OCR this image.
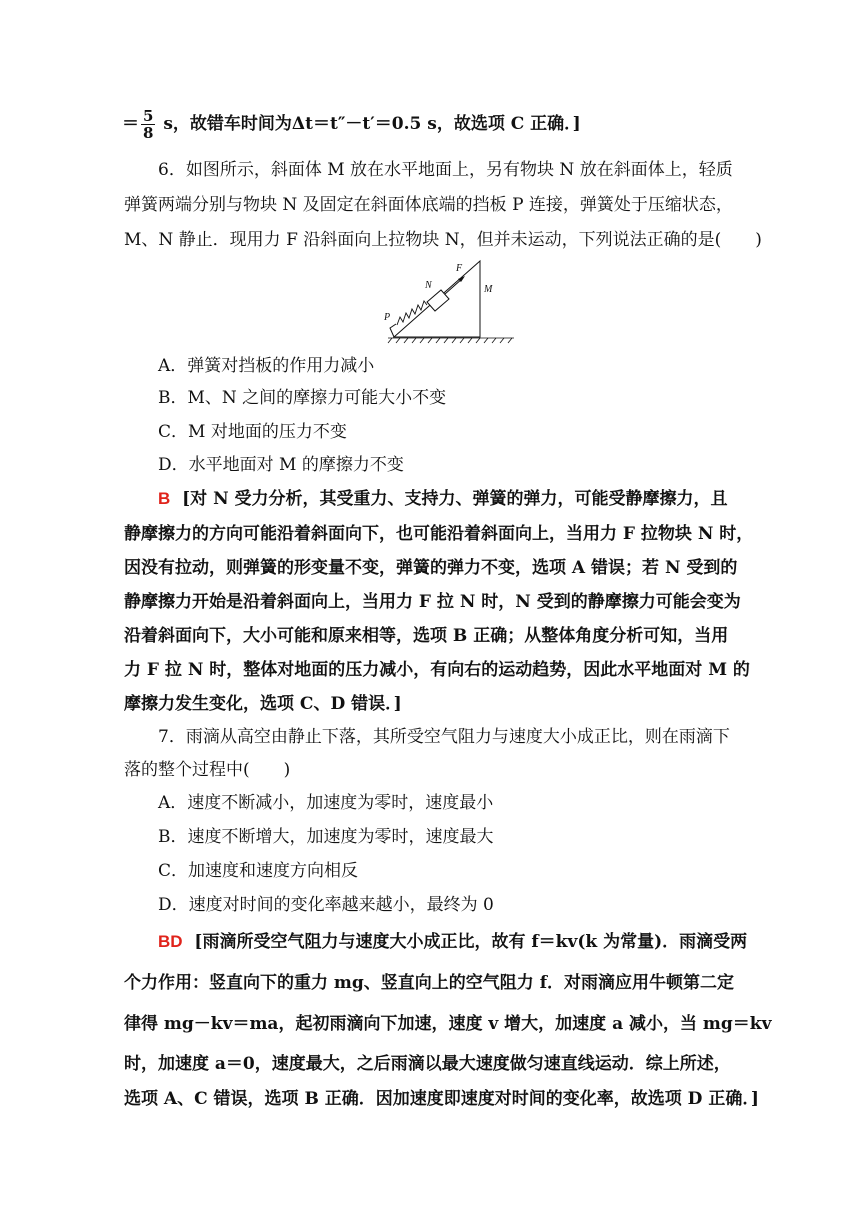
＝ $\frac{5}{8}$ s，故错车时间为Δt＝t″－t′＝0.5 s，故选项 C 正确．]
6．如图所示，斜面体 M 放在水平地面上，另有物块 N 放在斜面体上，轻质
弹簧两端分别与物块 N 及固定在斜面体底端的挡板 P 连接，弹簧处于压缩状态，
M、N 静止．现用力 F 沿斜面向上拉物块 N，但并未运动，下列说法正确的是(　　)
F
N	M
P
A．弹簧对挡板的作用力减小
B．M、N 之间的摩擦力可能大小不变
C．M 对地面的压力不变
D．水平地面对 M 的摩擦力不变
B [对 N 受力分析，其受重力、支持力、弹簧的弹力，可能受静摩擦力，且
静摩擦力的方向可能沿着斜面向下，也可能沿着斜面向上，当用力 F 拉物块 N 时，
因没有拉动，则弹簧的形变量不变，弹簧的弹力不变，选项 A 错误；若 N 受到的
静摩擦力开始是沿着斜面向上，当用力 F 拉 N 时，N 受到的静摩擦力可能会变为
沿着斜面向下，大小可能和原来相等，选项 B 正确；从整体角度分析可知，当用
力 F 拉 N 时，整体对地面的压力减小，有向右的运动趋势，因此水平地面对 M 的
摩擦力发生变化，选项 C、D 错误．]
7．雨滴从高空由静止下落，其所受空气阻力与速度大小成正比，则在雨滴下
落的整个过程中(　　)
A．速度不断减小，加速度为零时，速度最小
B．速度不断增大，加速度为零时，速度最大
C．加速度和速度方向相反
D．速度对时间的变化率越来越小，最终为 0
BD [雨滴所受空气阻力与速度大小成正比，故有 f＝kv(k 为常量)．雨滴受两
个力作用：竖直向下的重力 mg、竖直向上的空气阻力 f．对雨滴应用牛顿第二定
律得 mg－kv＝ma，起初雨滴向下加速，速度 v 增大，加速度 a 减小，当 mg＝kv
时，加速度 a＝0，速度最大，之后雨滴以最大速度做匀速直线运动．综上所述，
选项 A、C 错误，选项 B 正确．因加速度即速度对时间的变化率，故选项 D 正确．]
